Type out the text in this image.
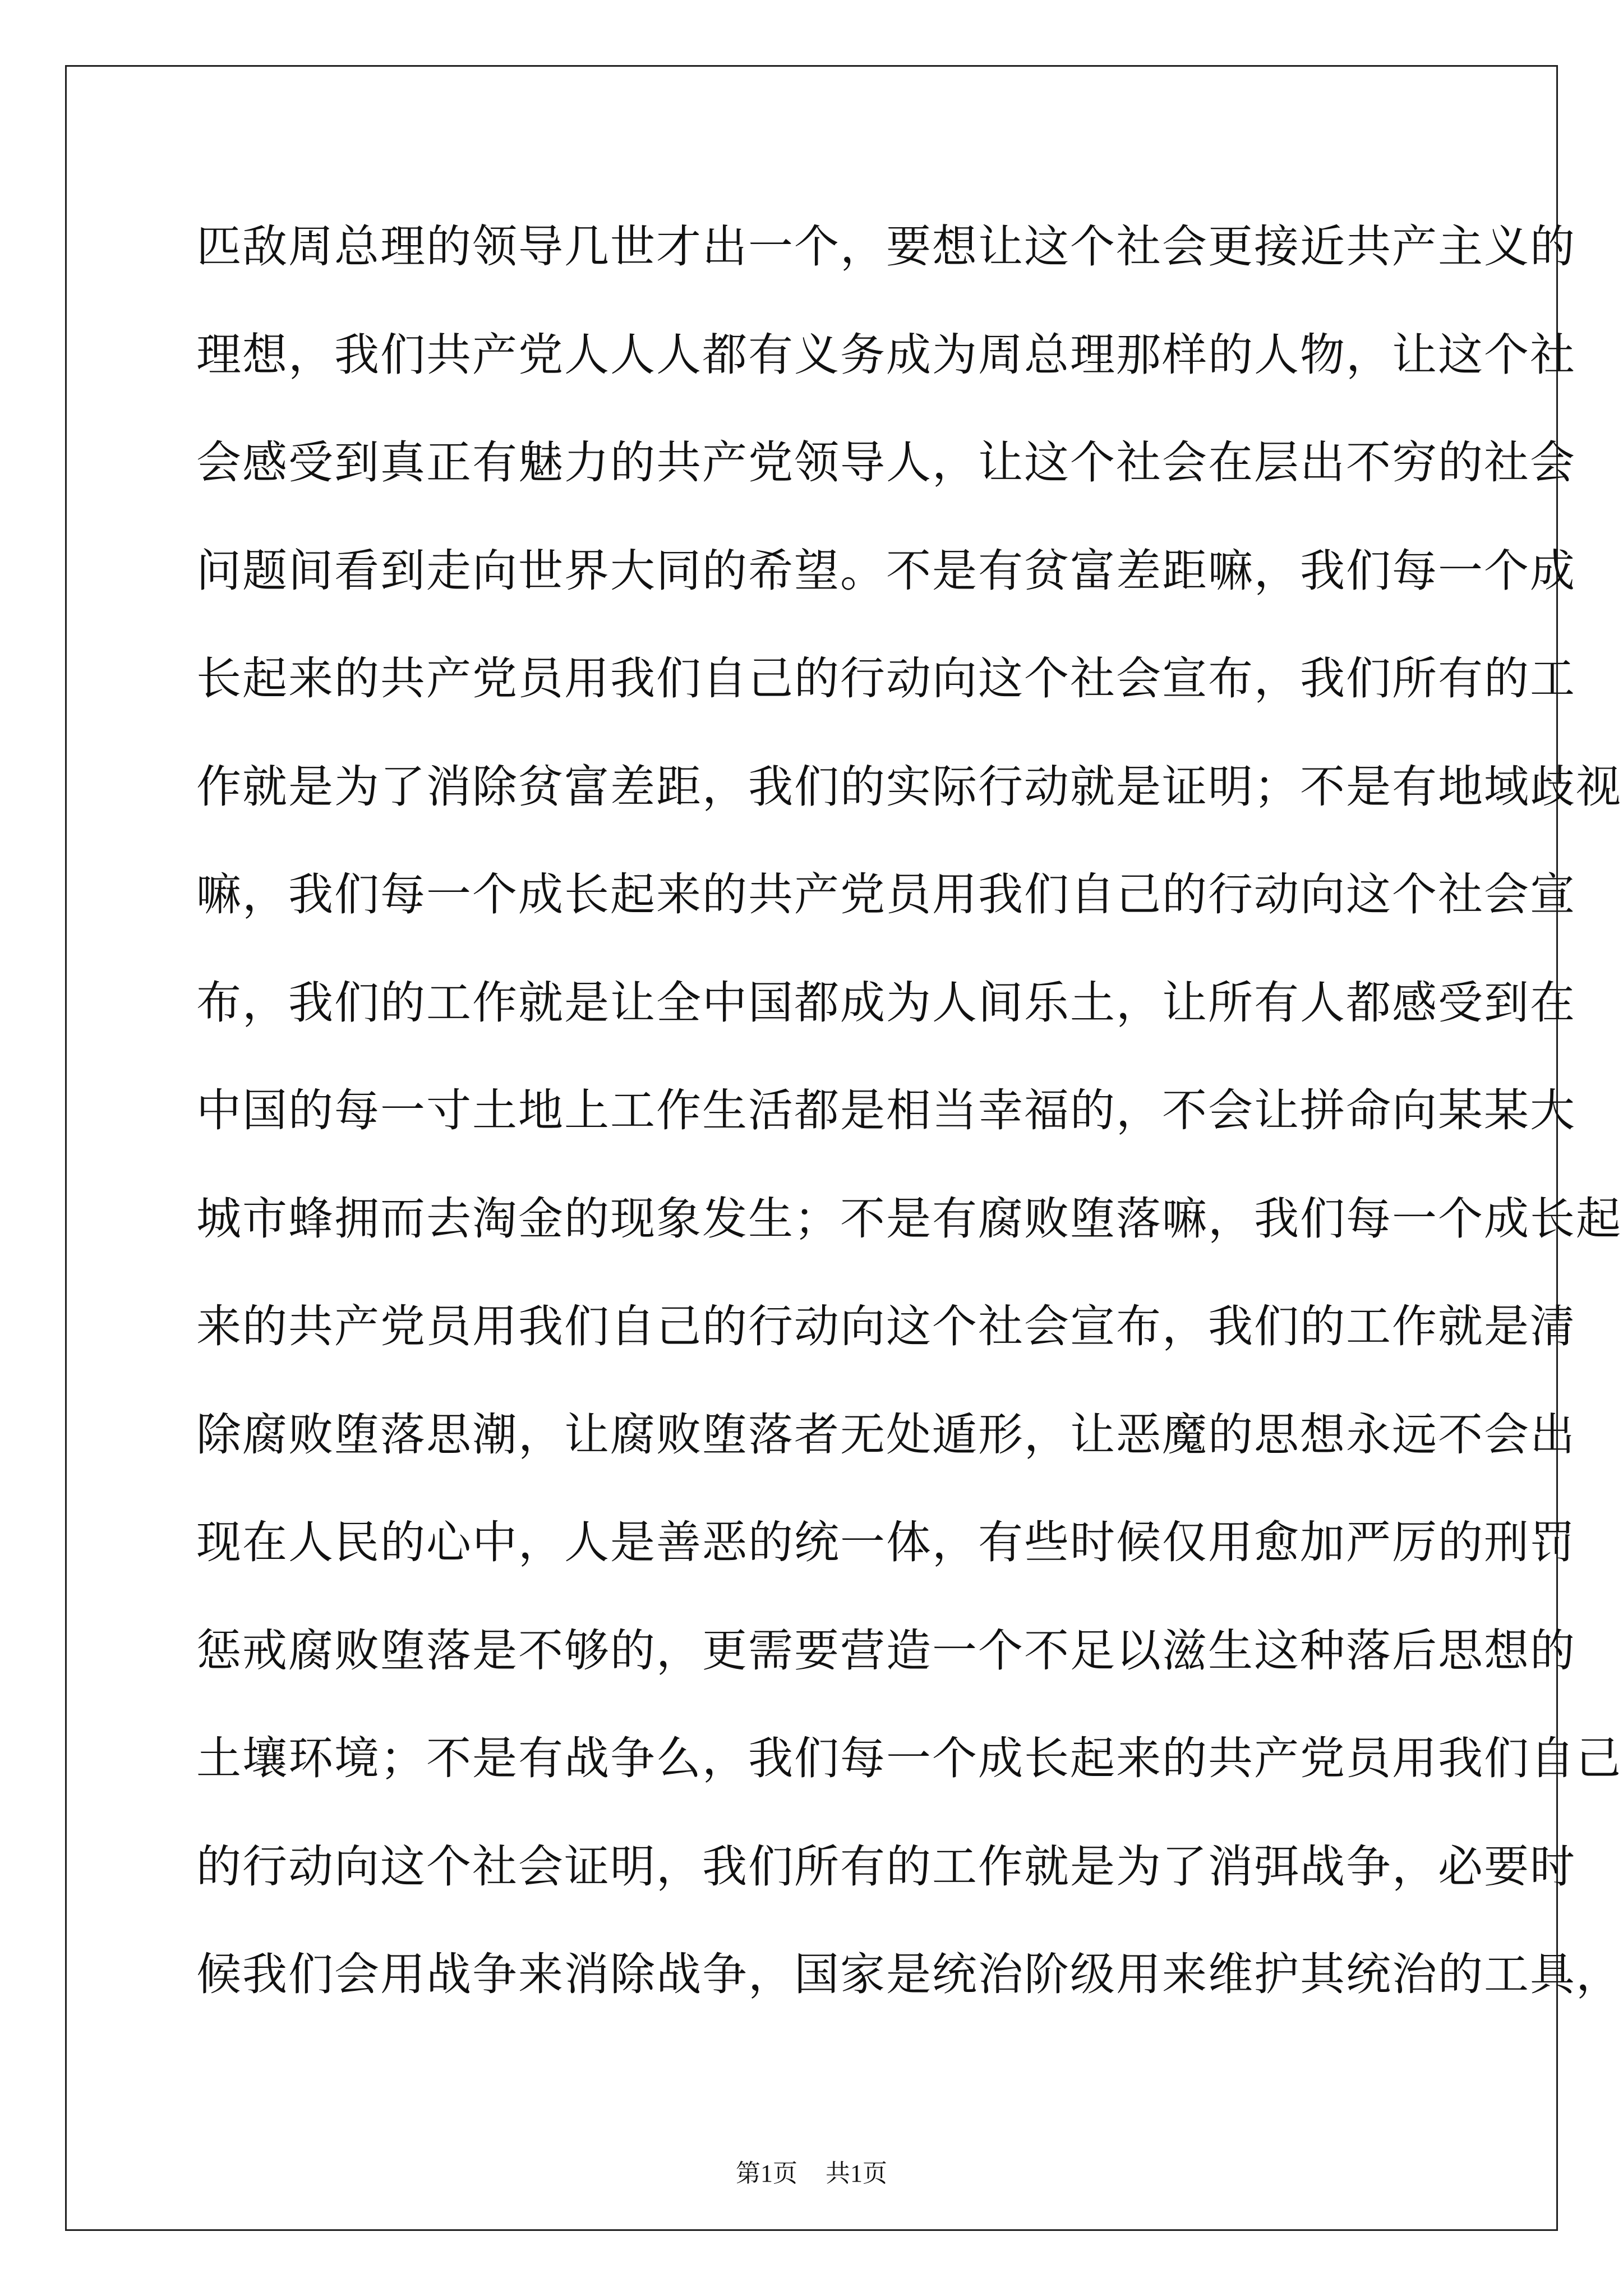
匹敌周总理的领导几世才出一个，要想让这个社会更接近共产主义的
理想，我们共产党人人人都有义务成为周总理那样的人物，让这个社
会感受到真正有魅力的共产党领导人，让这个社会在层出不穷的社会
问题间看到走向世界大同的希望。不是有贫富差距嘛，我们每一个成
长起来的共产党员用我们自己的行动向这个社会宣布，我们所有的工
作就是为了消除贫富差距，我们的实际行动就是证明；不是有地域歧视
嘛，我们每一个成长起来的共产党员用我们自己的行动向这个社会宣
布，我们的工作就是让全中国都成为人间乐土，让所有人都感受到在
中国的每一寸土地上工作生活都是相当幸福的，不会让拼命向某某大
城市蜂拥而去淘金的现象发生；不是有腐败堕落嘛，我们每一个成长起
来的共产党员用我们自己的行动向这个社会宣布，我们的工作就是清
除腐败堕落思潮，让腐败堕落者无处遁形，让恶魔的思想永远不会出
现在人民的心中，人是善恶的统一体，有些时候仅用愈加严厉的刑罚
惩戒腐败堕落是不够的，更需要营造一个不足以滋生这种落后思想的
土壤环境；不是有战争么，我们每一个成长起来的共产党员用我们自己
的行动向这个社会证明，我们所有的工作就是为了消弭战争，必要时
候我们会用战争来消除战争，国家是统治阶级用来维护其统治的工具，
第1页 共1页
